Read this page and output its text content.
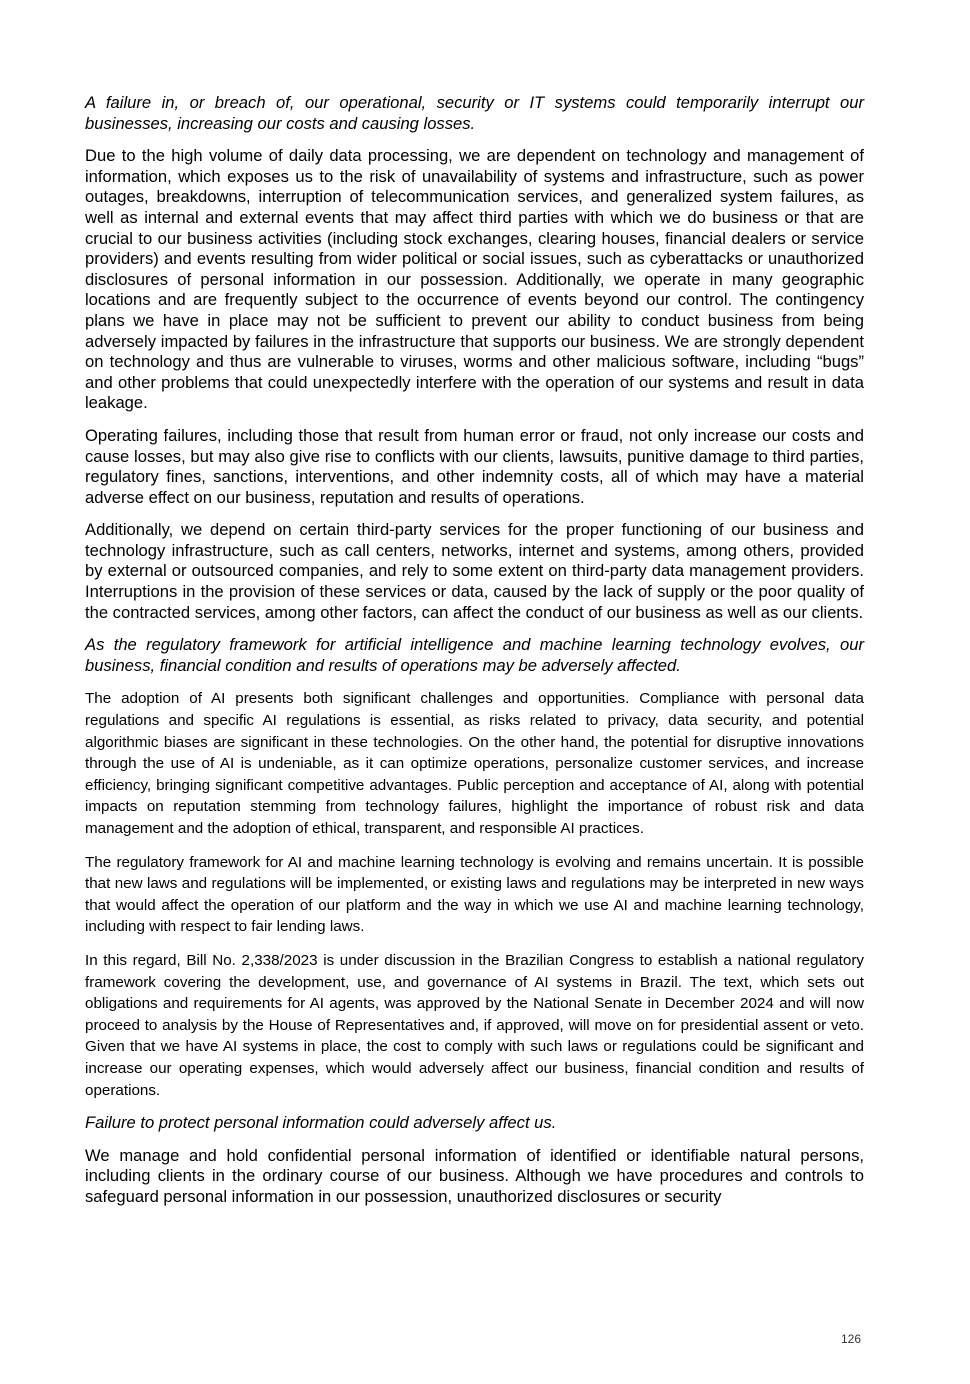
A failure in, or breach of, our operational, security or IT systems could temporarily interrupt our businesses, increasing our costs and causing losses.

Due to the high volume of daily data processing, we are dependent on technology and management of information, which exposes us to the risk of unavailability of systems and infrastructure, such as power outages, breakdowns, interruption of telecommunication services, and generalized system failures, as well as internal and external events that may affect third parties with which we do business or that are crucial to our business activities (including stock exchanges, clearing houses, financial dealers or service providers) and events resulting from wider political or social issues, such as cyberattacks or unauthorized disclosures of personal information in our possession. Additionally, we operate in many geographic locations and are frequently subject to the occurrence of events beyond our control. The contingency plans we have in place may not be sufficient to prevent our ability to conduct business from being adversely impacted by failures in the infrastructure that supports our business. We are strongly dependent on technology and thus are vulnerable to viruses, worms and other malicious software, including “bugs” and other problems that could unexpectedly interfere with the operation of our systems and result in data leakage.

Operating failures, including those that result from human error or fraud, not only increase our costs and cause losses, but may also give rise to conflicts with our clients, lawsuits, punitive damage to third parties, regulatory fines, sanctions, interventions, and other indemnity costs, all of which may have a material adverse effect on our business, reputation and results of operations.

Additionally, we depend on certain third-party services for the proper functioning of our business and technology infrastructure, such as call centers, networks, internet and systems, among others, provided by external or outsourced companies, and rely to some extent on third-party data management providers. Interruptions in the provision of these services or data, caused by the lack of supply or the poor quality of the contracted services, among other factors, can affect the conduct of our business as well as our clients.

As the regulatory framework for artificial intelligence and machine learning technology evolves, our business, financial condition and results of operations may be adversely affected.

The adoption of AI presents both significant challenges and opportunities. Compliance with personal data regulations and specific AI regulations is essential, as risks related to privacy, data security, and potential algorithmic biases are significant in these technologies. On the other hand, the potential for disruptive innovations through the use of AI is undeniable, as it can optimize operations, personalize customer services, and increase efficiency, bringing significant competitive advantages. Public perception and acceptance of AI, along with potential impacts on reputation stemming from technology failures, highlight the importance of robust risk and data management and the adoption of ethical, transparent, and responsible AI practices.

The regulatory framework for AI and machine learning technology is evolving and remains uncertain. It is possible that new laws and regulations will be implemented, or existing laws and regulations may be interpreted in new ways that would affect the operation of our platform and the way in which we use AI and machine learning technology, including with respect to fair lending laws.

In this regard, Bill No. 2,338/2023 is under discussion in the Brazilian Congress to establish a national regulatory framework covering the development, use, and governance of AI systems in Brazil. The text, which sets out obligations and requirements for AI agents, was approved by the National Senate in December 2024 and will now proceed to analysis by the House of Representatives and, if approved, will move on for presidential assent or veto. Given that we have AI systems in place, the cost to comply with such laws or regulations could be significant and increase our operating expenses, which would adversely affect our business, financial condition and results of operations.

Failure to protect personal information could adversely affect us.

We manage and hold confidential personal information of identified or identifiable natural persons, including clients in the ordinary course of our business. Although we have procedures and controls to safeguard personal information in our possession, unauthorized disclosures or security

126
